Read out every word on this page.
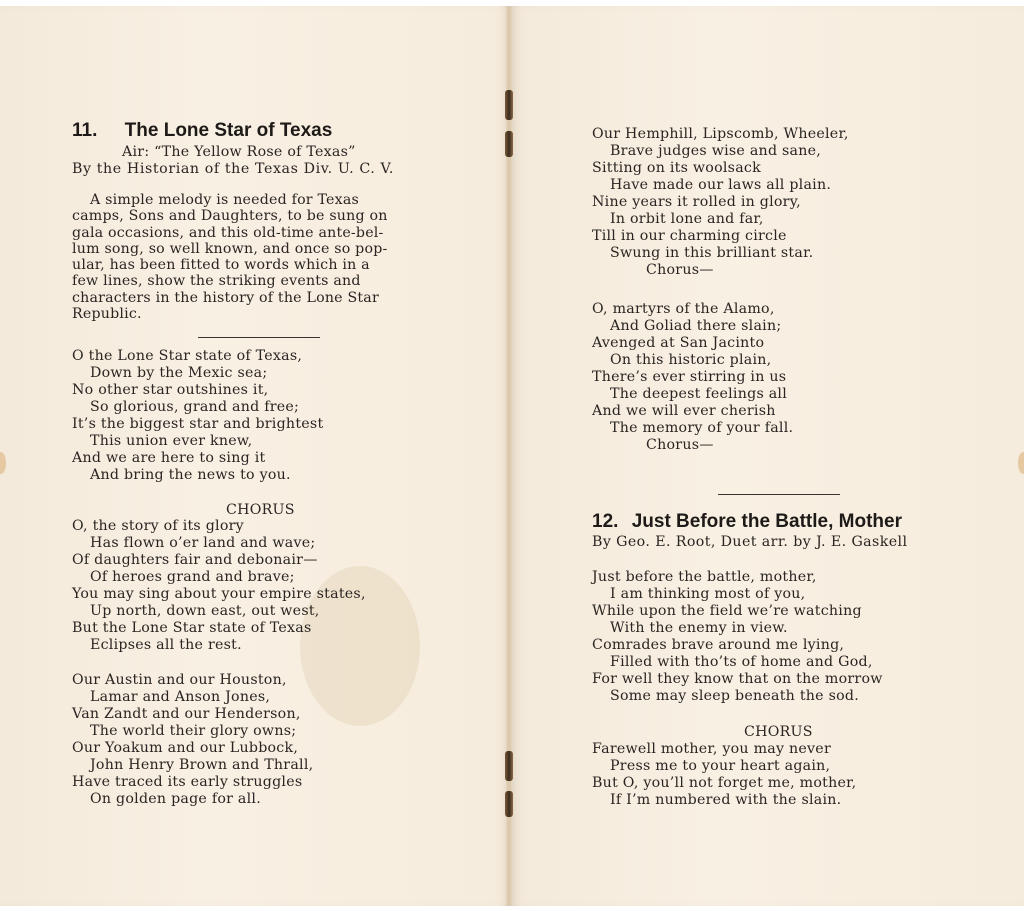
11. The Lone Star of Texas
Air: “The Yellow Rose of Texas”
By the Historian of the Texas Div. U. C. V.
A simple melody is needed for Texas
camps, Sons and Daughters, to be sung on
gala occasions, and this old-time ante-bel-
lum song, so well known, and once so pop-
ular, has been fitted to words which in a
few lines, show the striking events and
characters in the history of the Lone Star
Republic.
O the Lone Star state of Texas,
Down by the Mexic sea;
No other star outshines it,
So glorious, grand and free;
It’s the biggest star and brightest
This union ever knew,
And we are here to sing it
And bring the news to you.
CHORUS
O, the story of its glory
Has flown o’er land and wave;
Of daughters fair and debonair—
Of heroes grand and brave;
You may sing about your empire states,
Up north, down east, out west,
But the Lone Star state of Texas
Eclipses all the rest.
Our Austin and our Houston,
Lamar and Anson Jones,
Van Zandt and our Henderson,
The world their glory owns;
Our Yoakum and our Lubbock,
John Henry Brown and Thrall,
Have traced its early struggles
On golden page for all.
Our Hemphill, Lipscomb, Wheeler,
Brave judges wise and sane,
Sitting on its woolsack
Have made our laws all plain.
Nine years it rolled in glory,
In orbit lone and far,
Till in our charming circle
Swung in this brilliant star.
Chorus—
O, martyrs of the Alamo,
And Goliad there slain;
Avenged at San Jacinto
On this historic plain,
There’s ever stirring in us
The deepest feelings all
And we will ever cherish
The memory of your fall.
Chorus—
12. Just Before the Battle, Mother
By Geo. E. Root, Duet arr. by J. E. Gaskell
Just before the battle, mother,
I am thinking most of you,
While upon the field we’re watching
With the enemy in view.
Comrades brave around me lying,
Filled with tho’ts of home and God,
For well they know that on the morrow
Some may sleep beneath the sod.
CHORUS
Farewell mother, you may never
Press me to your heart again,
But O, you’ll not forget me, mother,
If I’m numbered with the slain.
